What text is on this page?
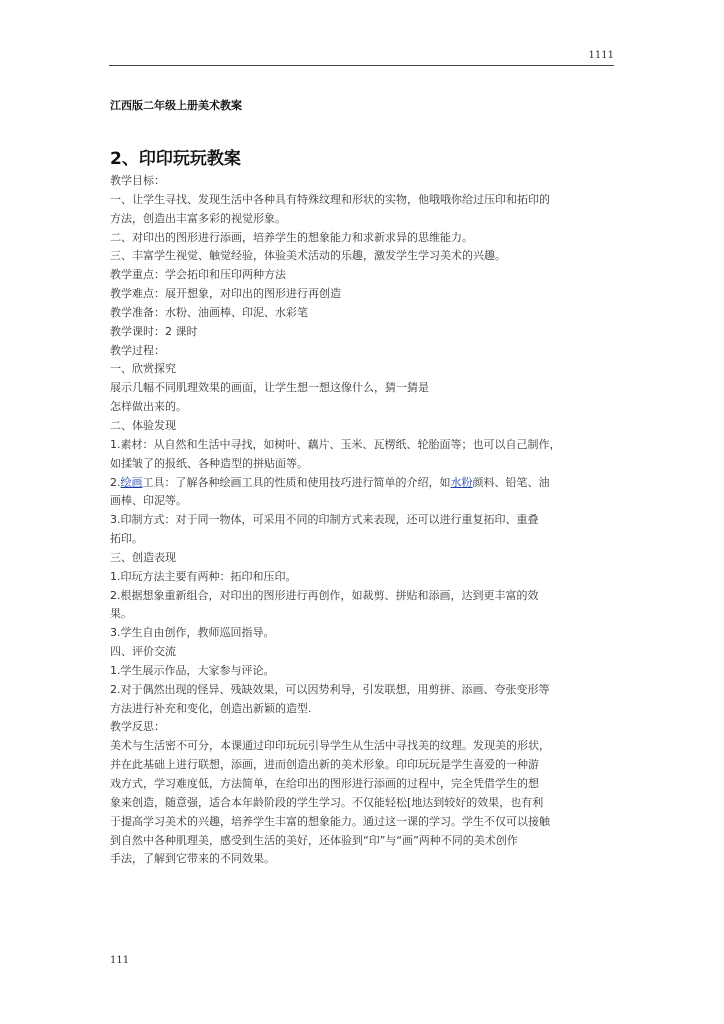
1111
江西版二年级上册美术教案
2、印印玩玩教案

教学目标：

一、让学生寻找、发现生活中各种具有特殊纹理和形状的实物，他哦哦你给过压印和拓印的

方法，创造出丰富多彩的视觉形象。

二、对印出的图形进行添画，培养学生的想象能力和求新求异的思维能力。

三、丰富学生视觉、触觉经验，体验美术活动的乐趣，激发学生学习美术的兴趣。

教学重点：学会拓印和压印两种方法

教学难点：展开想象，对印出的图形进行再创造

教学准备：水粉、油画棒、印泥、水彩笔

教学课时：2 课时

教学过程：

一、欣赏探究

展示几幅不同肌理效果的画面，让学生想一想这像什么，猜一猜是

怎样做出来的。

二、体验发现

1.素材：从自然和生活中寻找，如树叶、藕片、玉米、瓦楞纸、轮胎面等；也可以自己制作，

如揉皱了的报纸、各种造型的拼贴面等。

2.绘画工具：了解各种绘画工具的性质和使用技巧进行简单的介绍，如水粉颜料、铅笔、油

画棒、印泥等。

3.印制方式：对于同一物体，可采用不同的印制方式来表现，还可以进行重复拓印、重叠

拓印。

三、创造表现

1.印玩方法主要有两种：拓印和压印。

2.根据想象重新组合，对印出的图形进行再创作，如裁剪、拼贴和添画，达到更丰富的效

果。

3.学生自由创作，教师巡回指导。

四、评价交流

1.学生展示作品，大家参与评论。

2.对于偶然出现的怪异、残缺效果，可以因势利导，引发联想，用剪拼、添画、夸张变形等

方法进行补充和变化，创造出新颖的造型.

教学反思：

美术与生活密不可分，本课通过印印玩玩引导学生从生活中寻找美的纹理。发现美的形状，

并在此基础上进行联想，添画，进而创造出新的美术形象。印印玩玩是学生喜爱的一种游

戏方式，学习难度低，方法简单，在给印出的图形进行添画的过程中，完全凭借学生的想

象来创造，随意强，适合本年龄阶段的学生学习。不仅能轻松[地达到较好的效果，也有利

于提高学习美术的兴趣，培养学生丰富的想象能力。通过这一课的学习。学生不仅可以接触

到自然中各种肌理美，感受到生活的美好，还体验到“印”与“画”两种不同的美术创作

手法，了解到它带来的不同效果。

111
